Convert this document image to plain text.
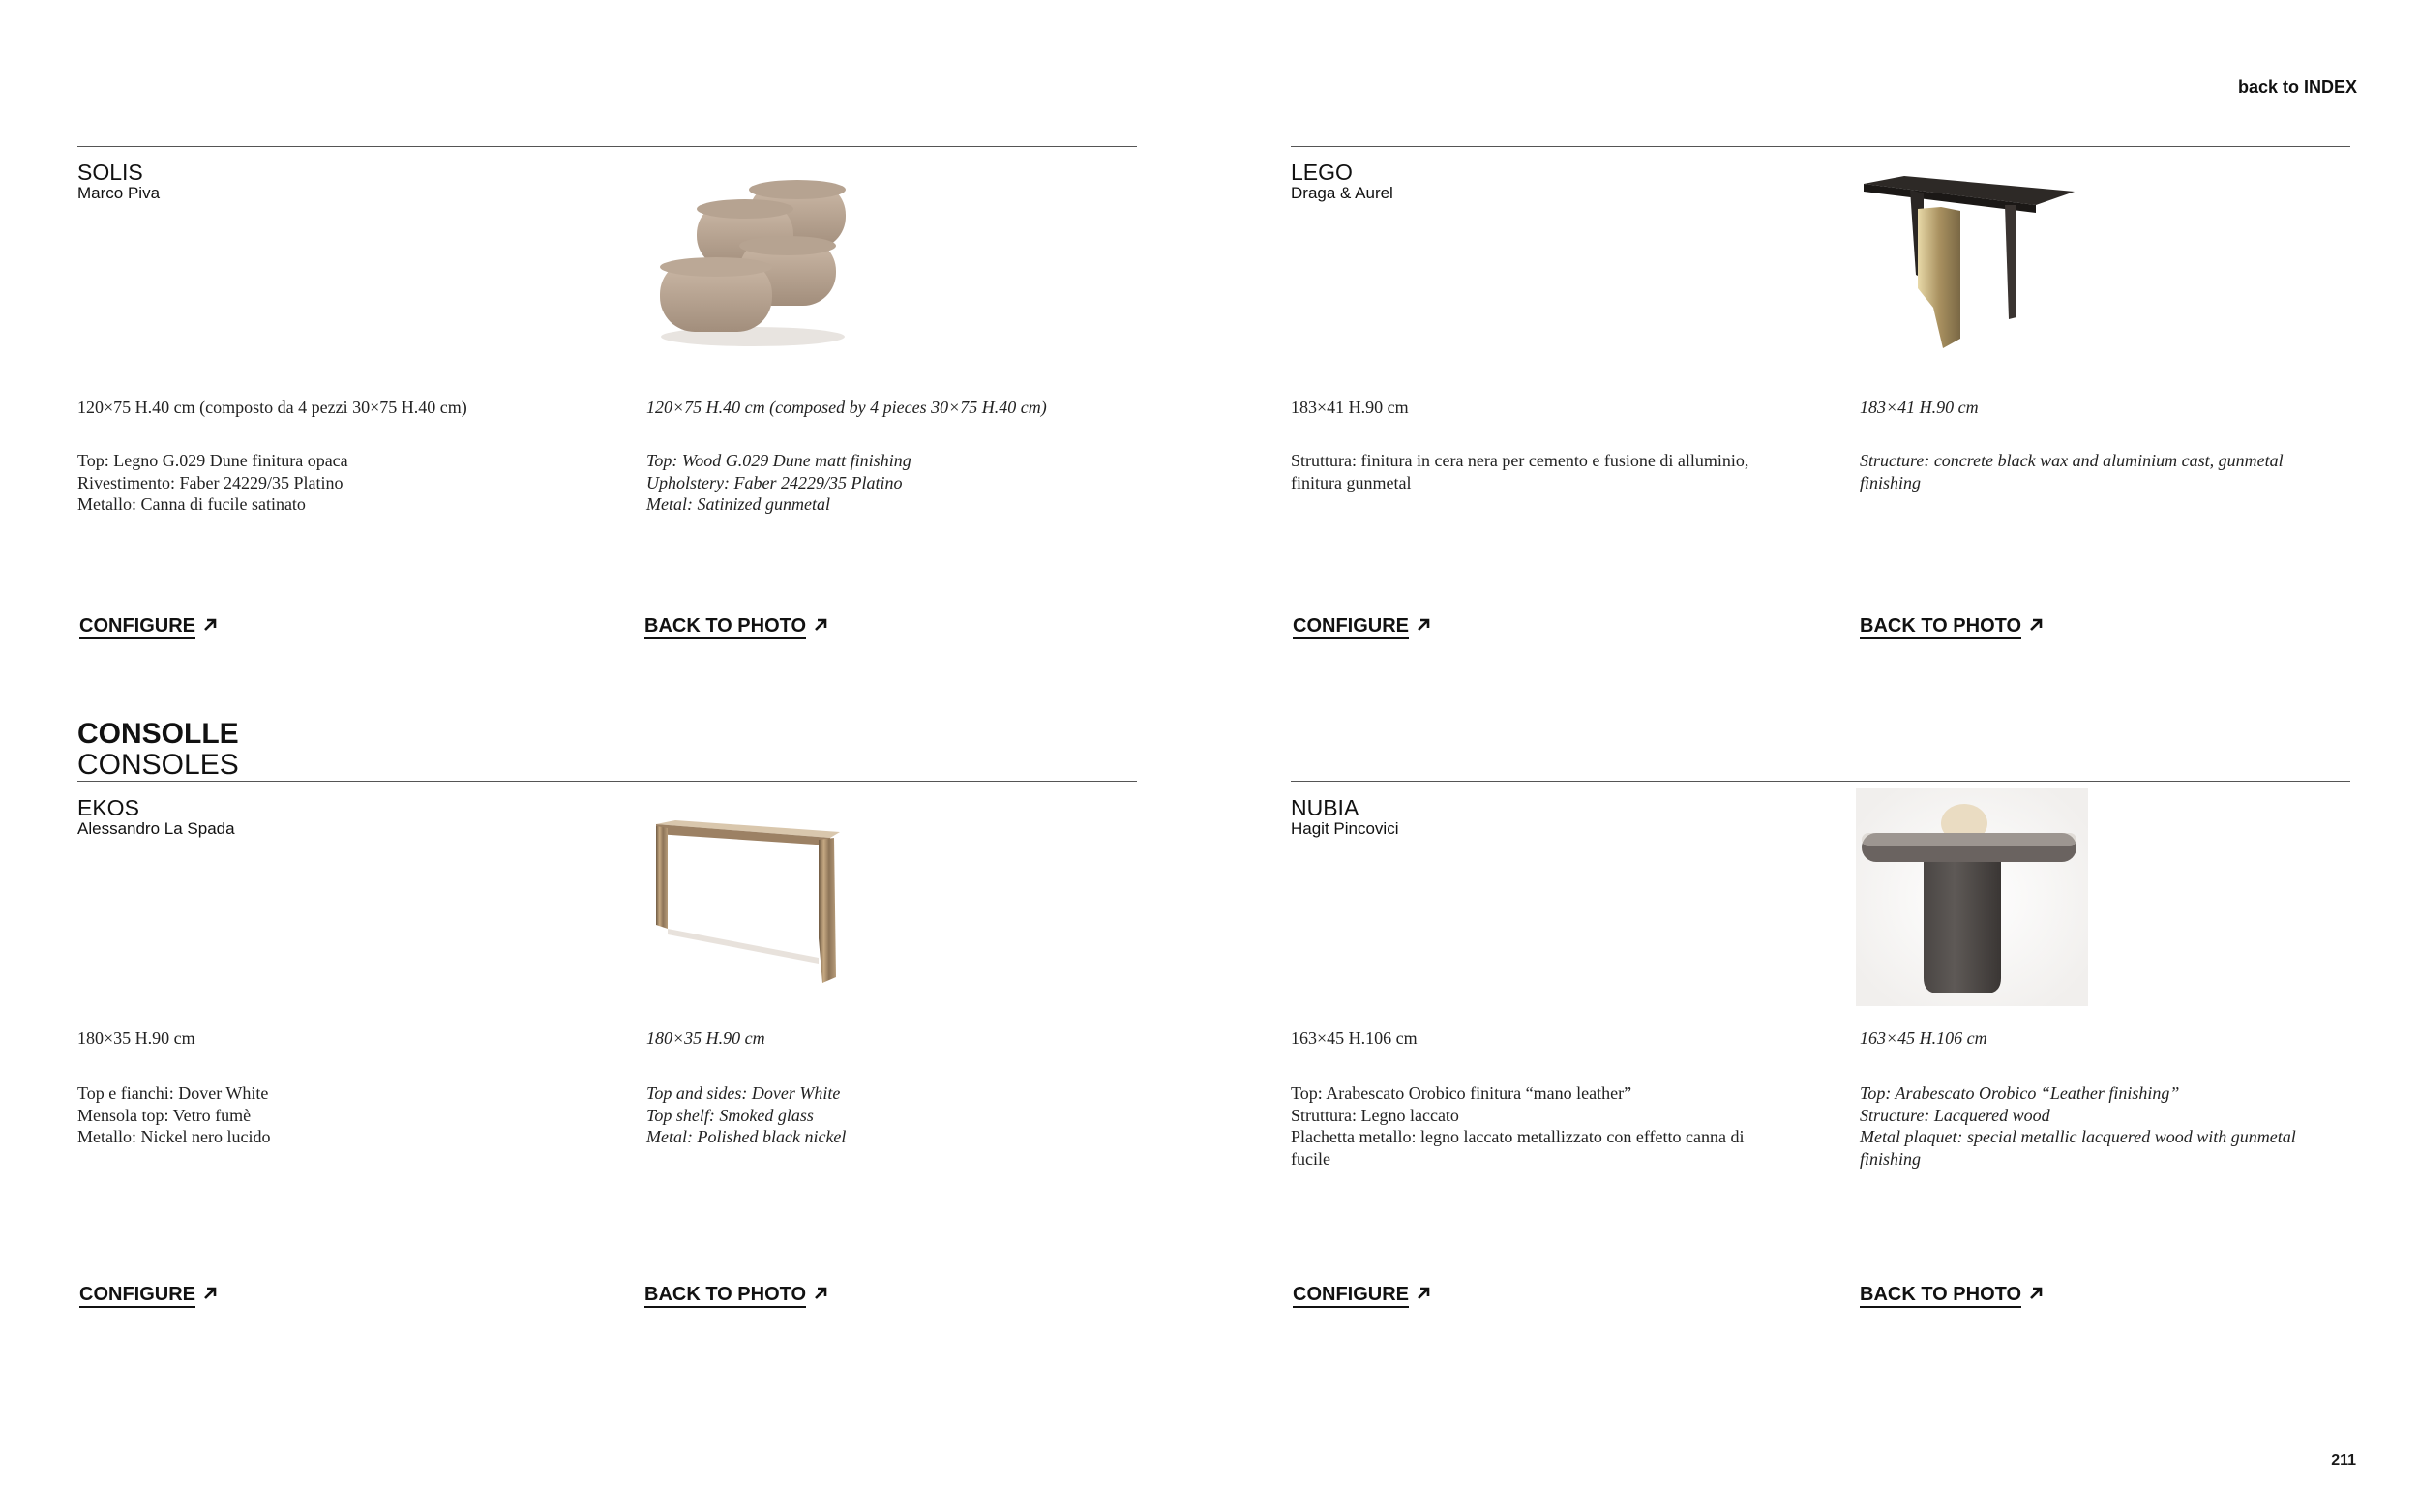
back to INDEX
SOLIS
Marco Piva
120×75 H.40 cm (composto da 4 pezzi 30×75 H.40 cm)	120×75 H.40 cm (composed by 4 pieces 30×75 H.40 cm)
Top: Legno G.029 Dune finitura opaca
Rivestimento: Faber 24229/35 Platino
Metallo: Canna di fucile satinato
Top: Wood G.029 Dune matt finishing
Upholstery: Faber 24229/35 Platino
Metal: Satinized gunmetal
CONFIGURE	BACK TO PHOTO
LEGO
Draga & Aurel
183×41 H.90 cm	183×41 H.90 cm
Struttura: finitura in cera nera per cemento e fusione di alluminio,
finitura gunmetal
Structure: concrete black wax and aluminium cast, gunmetal
finishing
CONFIGURE	BACK TO PHOTO
CONSOLLE
CONSOLES
EKOS
Alessandro La Spada
180×35 H.90 cm	180×35 H.90 cm
Top e fianchi: Dover White
Mensola top: Vetro fumè
Metallo: Nickel nero lucido
Top and sides: Dover White
Top shelf: Smoked glass
Metal: Polished black nickel
CONFIGURE	BACK TO PHOTO
NUBIA
Hagit Pincovici
163×45 H.106 cm	163×45 H.106 cm
Top: Arabescato Orobico finitura “mano leather”
Struttura: Legno laccato
Plachetta metallo: legno laccato metallizzato con effetto canna di
fucile
Top: Arabescato Orobico “Leather finishing”
Structure: Lacquered wood
Metal plaquet: special metallic lacquered wood with gunmetal
finishing
CONFIGURE	BACK TO PHOTO
211
